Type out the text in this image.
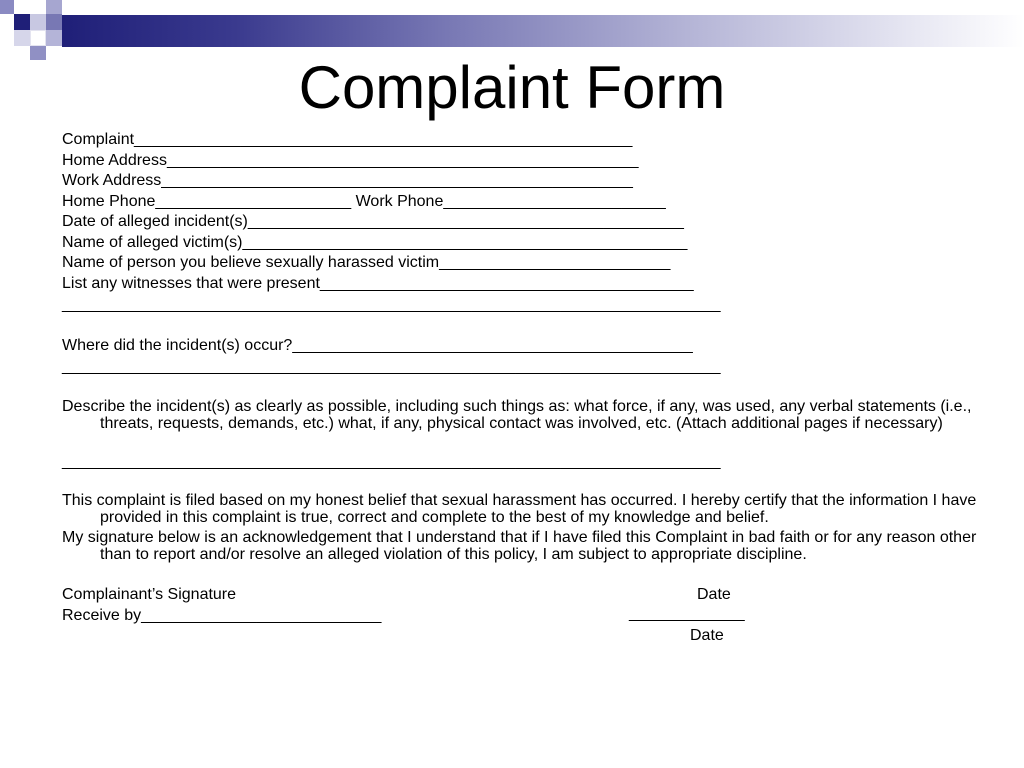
Complaint Form
Complaint________________________________________________________
Home Address_____________________________________________________
Work Address_____________________________________________________
Home Phone______________________ Work Phone_________________________
Date of alleged incident(s)_________________________________________________
Name of alleged victim(s)__________________________________________________
Name of person you believe sexually harassed victim__________________________
List any witnesses that were present__________________________________________
__________________________________________________________________________
Where did the incident(s) occur?_____________________________________________
__________________________________________________________________________
Describe the incident(s) as clearly as possible, including such things as: what force, if any, was used, any verbal statements (i.e., threats, requests, demands, etc.) what, if any, physical contact was involved, etc. (Attach additional pages if necessary)
__________________________________________________________________________
This complaint is filed based on my honest belief that sexual harassment has occurred. I hereby certify that the information I have provided in this complaint is true, correct and complete to the best of my knowledge and belief.
My signature below is an acknowledgement that I understand that if I have filed this Complaint in bad faith or for any reason other than to report and/or resolve an alleged violation of this policy, I am subject to appropriate discipline.
Complainant’s Signature	Date
Receive by___________________________	_____________
Date
